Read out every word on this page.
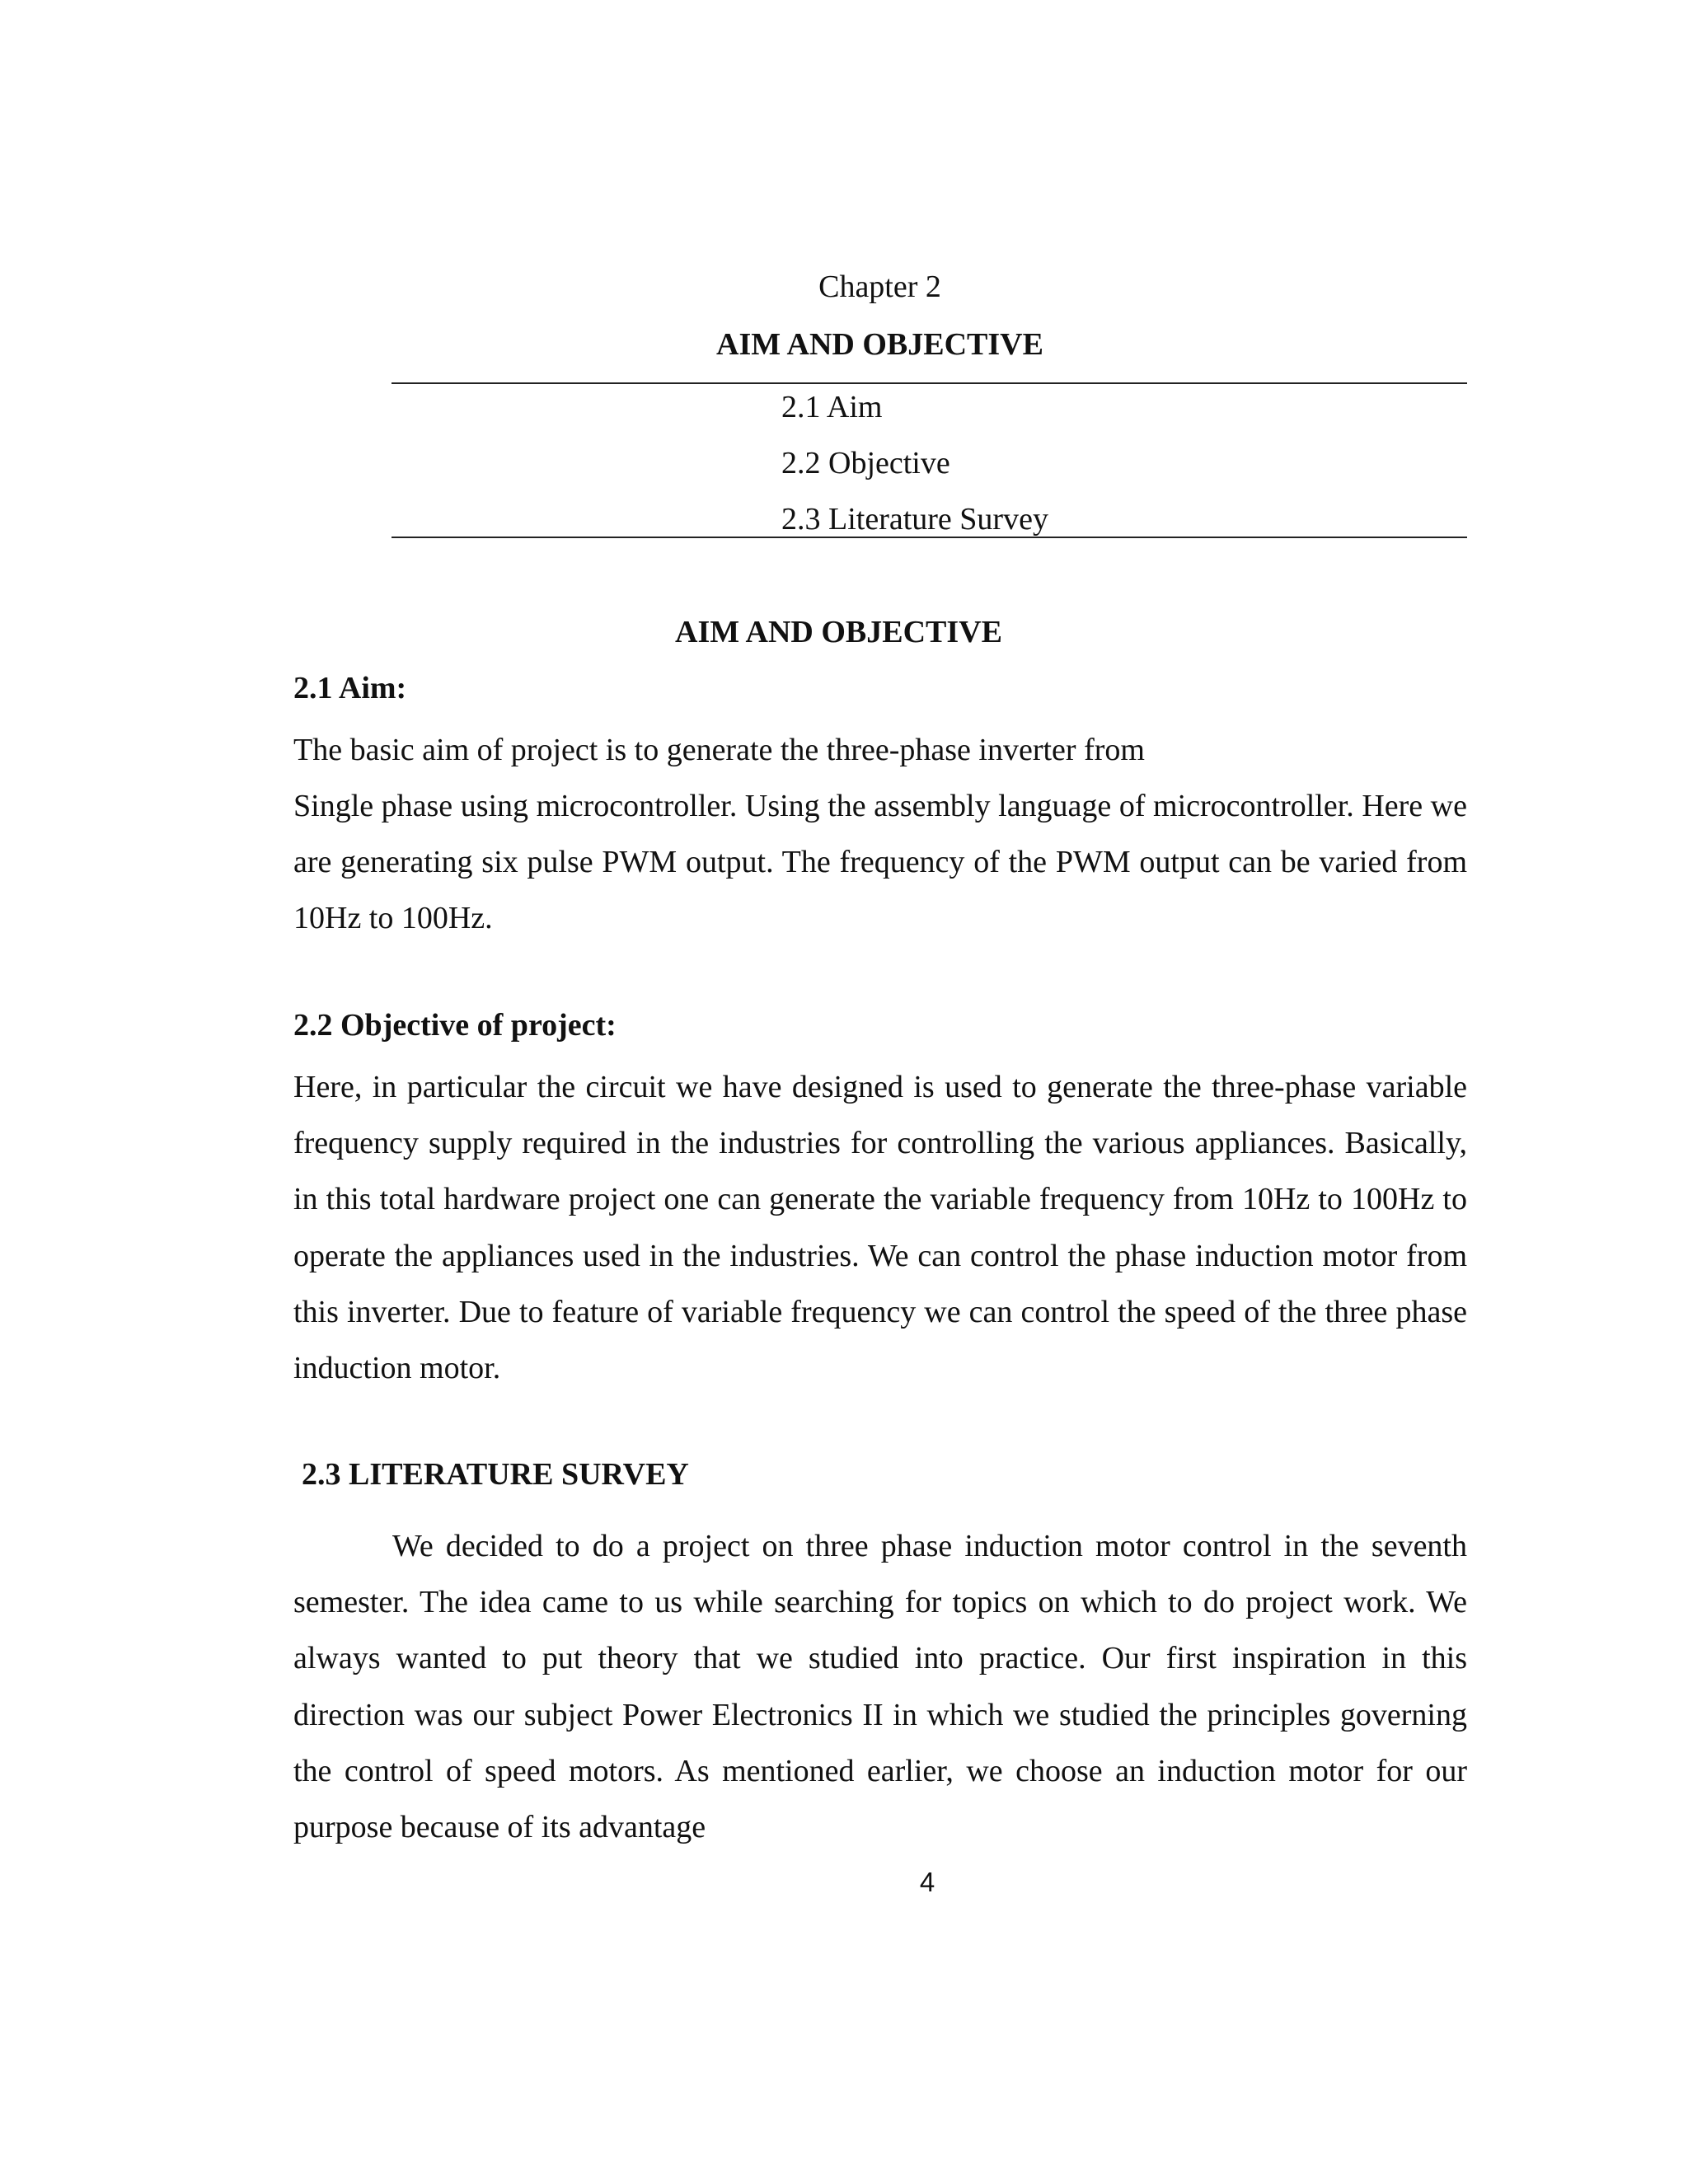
Chapter 2
AIM AND OBJECTIVE
2.1 Aim
2.2 Objective
2.3 Literature Survey
AIM AND OBJECTIVE
2.1 Aim:

The basic aim of project is to generate the three-phase inverter from

Single phase using microcontroller. Using the assembly language of microcontroller. Here we are generating six pulse PWM output. The frequency of the PWM output can be varied from 10Hz to 100Hz.

2.2 Objective of project:

Here, in particular the circuit we have designed is used to generate the three-phase variable frequency supply required in the industries for controlling the various appliances. Basically, in this total hardware project one can generate the variable frequency from 10Hz to 100Hz to operate the appliances used in the industries. We can control the phase induction motor from this inverter. Due to feature of variable frequency we can control the speed of the three phase induction motor.

2.3 LITERATURE SURVEY

We decided to do a project on three phase induction motor control in the seventh semester. The idea came to us while searching for topics on which to do project work. We always wanted to put theory that we studied into practice. Our first inspiration in this direction was our subject Power Electronics II in which we studied the principles governing the control of speed motors. As mentioned earlier, we choose an induction motor for our purpose because of its advantage

4
